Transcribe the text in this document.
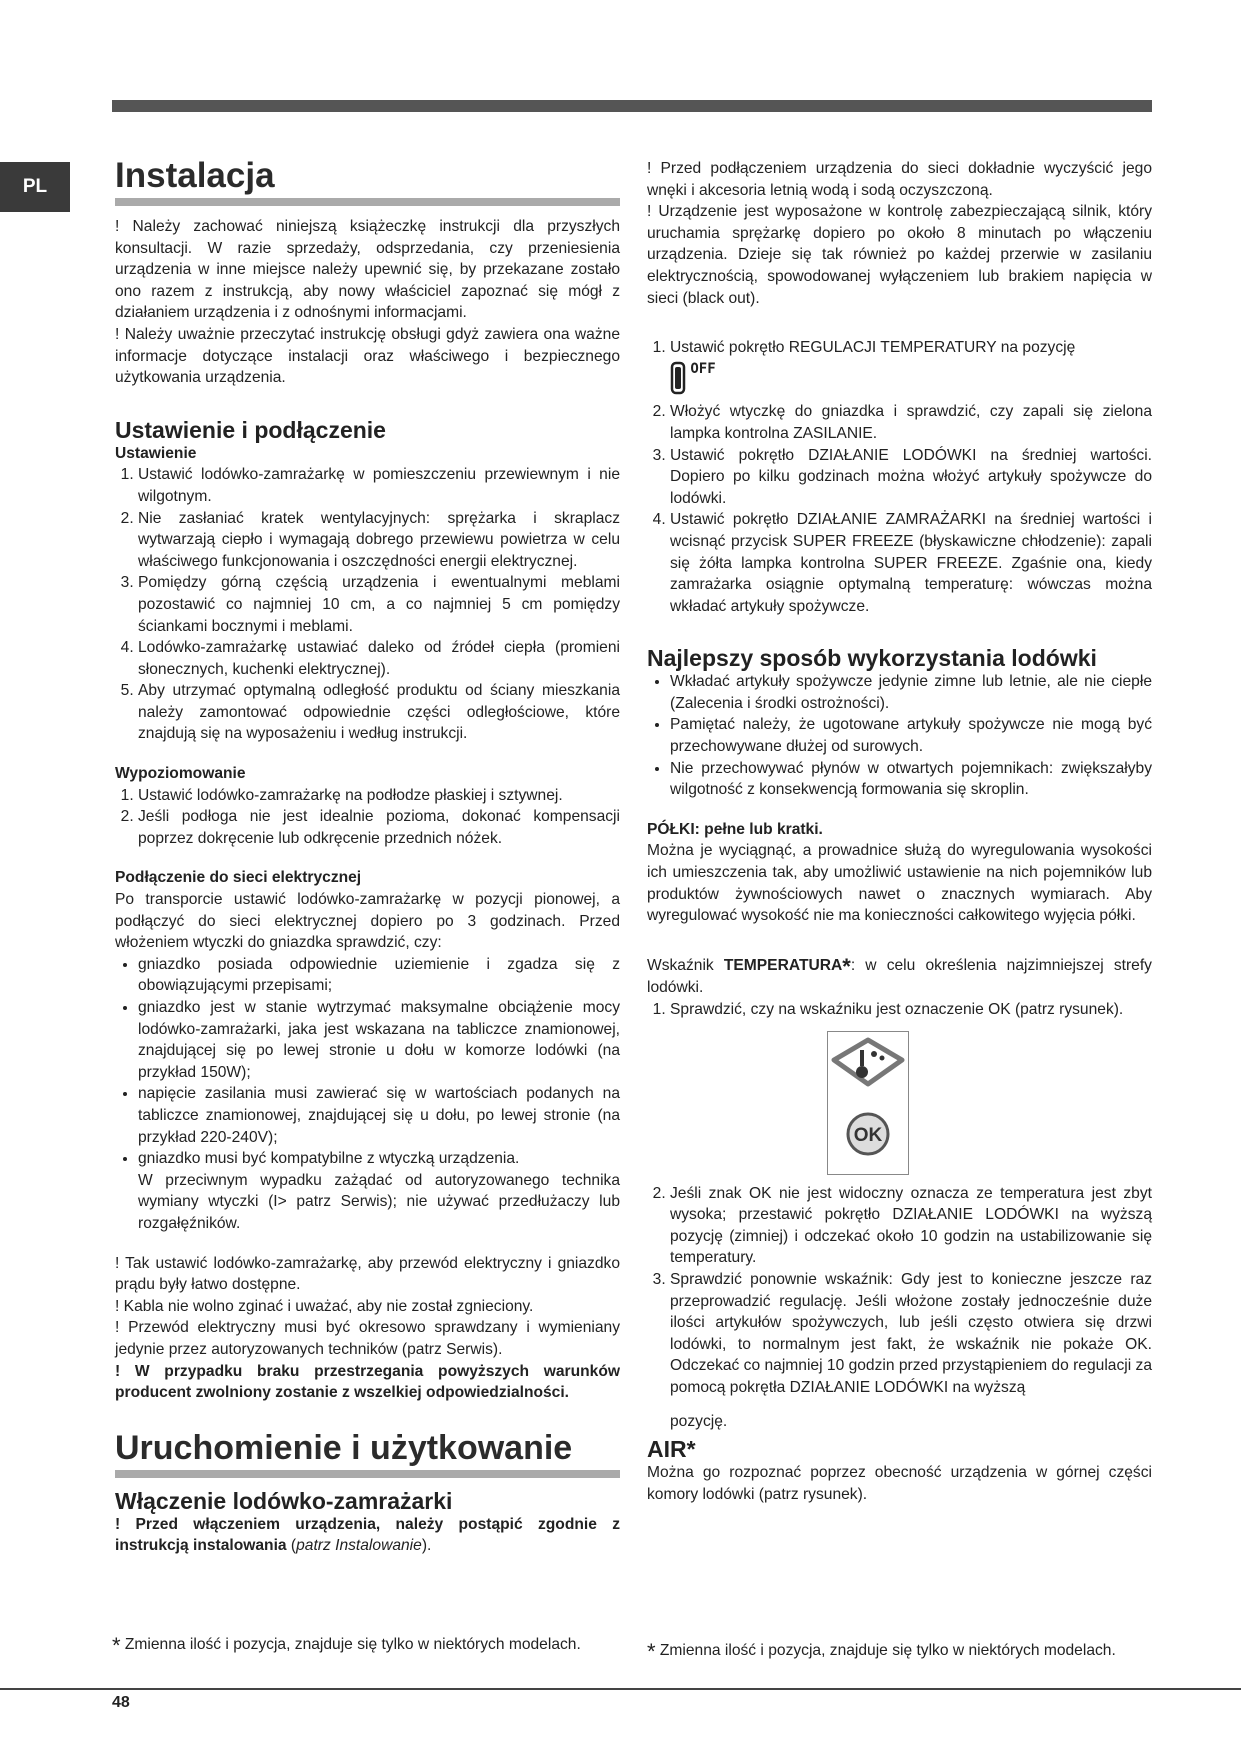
PL	Instalacja

! Należy zachować niniejszą książeczkę instrukcji dla przyszłych konsultacji. W razie sprzedaży, odsprzedania, czy przeniesienia urządzenia w inne miejsce należy upewnić się, by przekazane zostało ono razem z instrukcją, aby nowy właściciel zapoznać się mógł z działaniem urządzenia i z odnośnymi informacjami.

! Należy uważnie przeczytać instrukcję obsługi gdyż zawiera ona ważne informacje dotyczące instalacji oraz właściwego i bezpiecznego użytkowania urządzenia.

Ustawienie i podłączenie
Ustawienie
1. Ustawić lodówko-zamrażarkę w pomieszczeniu przewiewnym i nie wilgotnym.
2. Nie zasłaniać kratek wentylacyjnych: sprężarka i skraplacz wytwarzają ciepło i wymagają dobrego przewiewu powietrza w celu właściwego funkcjonowania i oszczędności energii elektrycznej.
3. Pomiędzy górną częścią urządzenia i ewentualnymi meblami pozostawić co najmniej 10 cm, a co najmniej 5 cm pomiędzy ściankami bocznymi i meblami.
4. Lodówko-zamrażarkę ustawiać daleko od źródeł ciepła (promieni słonecznych, kuchenki elektrycznej).
5. Aby utrzymać optymalną odległość produktu od ściany mieszkania należy zamontować odpowiednie części odległościowe, które znajdują się na wyposażeniu i według instrukcji.
Wypoziomowanie
1. Ustawić lodówko-zamrażarkę na podłodze płaskiej i sztywnej.
2. Jeśli podłoga nie jest idealnie pozioma, dokonać kompensacji poprzez dokręcenie lub odkręcenie przednich nóżek.
Podłączenie do sieci elektrycznej

Po transporcie ustawić lodówko-zamrażarkę w pozycji pionowej, a podłączyć do sieci elektrycznej dopiero po 3 godzinach. Przed włożeniem wtyczki do gniazdka sprawdzić, czy:

• gniazdko posiada odpowiednie uziemienie i zgadza się z obowiązującymi przepisami;
• gniazdko jest w stanie wytrzymać maksymalne obciążenie mocy lodówko-zamrażarki, jaka jest wskazana na tabliczce znamionowej, znajdującej się po lewej stronie u dołu w komorze lodówki (na przykład 150W);
• napięcie zasilania musi zawierać się w wartościach podanych na tabliczce znamionowej, znajdującej się u dołu, po lewej stronie (na przykład 220-240V);
• gniazdko musi być kompatybilne z wtyczką urządzenia.

W przeciwnym wypadku zażądać od autoryzowanego technika wymiany wtyczki (I> patrz Serwis); nie używać przedłużaczy lub rozgałęźników.

! Tak ustawić lodówko-zamrażarkę, aby przewód elektryczny i gniazdko prądu były łatwo dostępne.

! Kabla nie wolno zginać i uważać, aby nie został zgnieciony.

! Przewód elektryczny musi być okresowo sprawdzany i wymieniany jedynie przez autoryzowanych techników (patrz Serwis).

! W przypadku braku przestrzegania powyższych warunków producent zwolniony zostanie z wszelkiej odpowiedzialności.

Uruchomienie i użytkowanie
Włączenie lodówko-zamrażarki

! Przed włączeniem urządzenia, należy postąpić zgodnie z instrukcją instalowania (patrz Instalowanie).

! Przed podłączeniem urządzenia do sieci dokładnie wyczyścić jego wnęki i akcesoria letnią wodą i sodą oczyszczoną.

! Urządzenie jest wyposażone w kontrolę zabezpieczającą silnik, który uruchamia sprężarkę dopiero po około 8 minutach po włączeniu urządzenia. Dzieje się tak również po każdej przerwie w zasilaniu elektrycznością, spowodowanej wyłączeniem lub brakiem napięcia w sieci (black out).

1. Ustawić pokrętło REGULACJI TEMPERATURY na pozycję
OFF
2. Włożyć wtyczkę do gniazdka i sprawdzić, czy zapali się zielona lampka kontrolna ZASILANIE.
3. Ustawić pokrętło DZIAŁANIE LODÓWKI na średniej wartości. Dopiero po kilku godzinach można włożyć artykuły spożywcze do lodówki.
4. Ustawić pokrętło DZIAŁANIE ZAMRAŻARKI na średniej wartości i wcisnąć przycisk SUPER FREEZE (błyskawiczne chłodzenie): zapali się żółta lampka kontrolna SUPER FREEZE. Zgaśnie ona, kiedy zamrażarka osiągnie optymalną temperaturę: wówczas można wkładać artykuły spożywcze.
Najlepszy sposób wykorzystania lodówki
• Wkładać artykuły spożywcze jedynie zimne lub letnie, ale nie ciepłe (Zalecenia i środki ostrożności).
• Pamiętać należy, że ugotowane artykuły spożywcze nie mogą być przechowywane dłużej od surowych.
• Nie przechowywać płynów w otwartych pojemnikach: zwiększałyby wilgotność z konsekwencją formowania się skroplin.
PÓŁKI: pełne lub kratki.

Można je wyciągnąć, a prowadnice służą do wyregulowania wysokości ich umieszczenia tak, aby umożliwić ustawienie na nich pojemników lub produktów żywnościowych nawet o znacznych wymiarach. Aby wyregulować wysokość nie ma konieczności całkowitego wyjęcia półki.

Wskaźnik TEMPERATURA*: w celu określenia najzimniejszej strefy lodówki.

1. Sprawdzić, czy na wskaźniku jest oznaczenie OK (patrz rysunek).
OK
2. Jeśli znak OK nie jest widoczny oznacza ze temperatura jest zbyt wysoka; przestawić pokrętło DZIAŁANIE LODÓWKI na wyższą pozycję (zimniej) i odczekać około 10 godzin na ustabilizowanie się temperatury.
3. Sprawdzić ponownie wskaźnik: Gdy jest to konieczne jeszcze raz przeprowadzić regulację. Jeśli włożone zostały jednocześnie duże ilości artykułów spożywczych, lub jeśli często otwiera się drzwi lodówki, to normalnym jest fakt, że wskaźnik nie pokaże OK. Odczekać co najmniej 10 godzin przed przystąpieniem do regulacji za pomocą pokrętła DZIAŁANIE LODÓWKI na wyższą

pozycję.

AIR*

Można go rozpoznać poprzez obecność urządzenia w górnej części komory lodówki (patrz rysunek).

* Zmienna ilość i pozycja, znajduje się tylko w niektórych modelach.	* Zmienna ilość i pozycja, znajduje się tylko w niektórych modelach.
48
